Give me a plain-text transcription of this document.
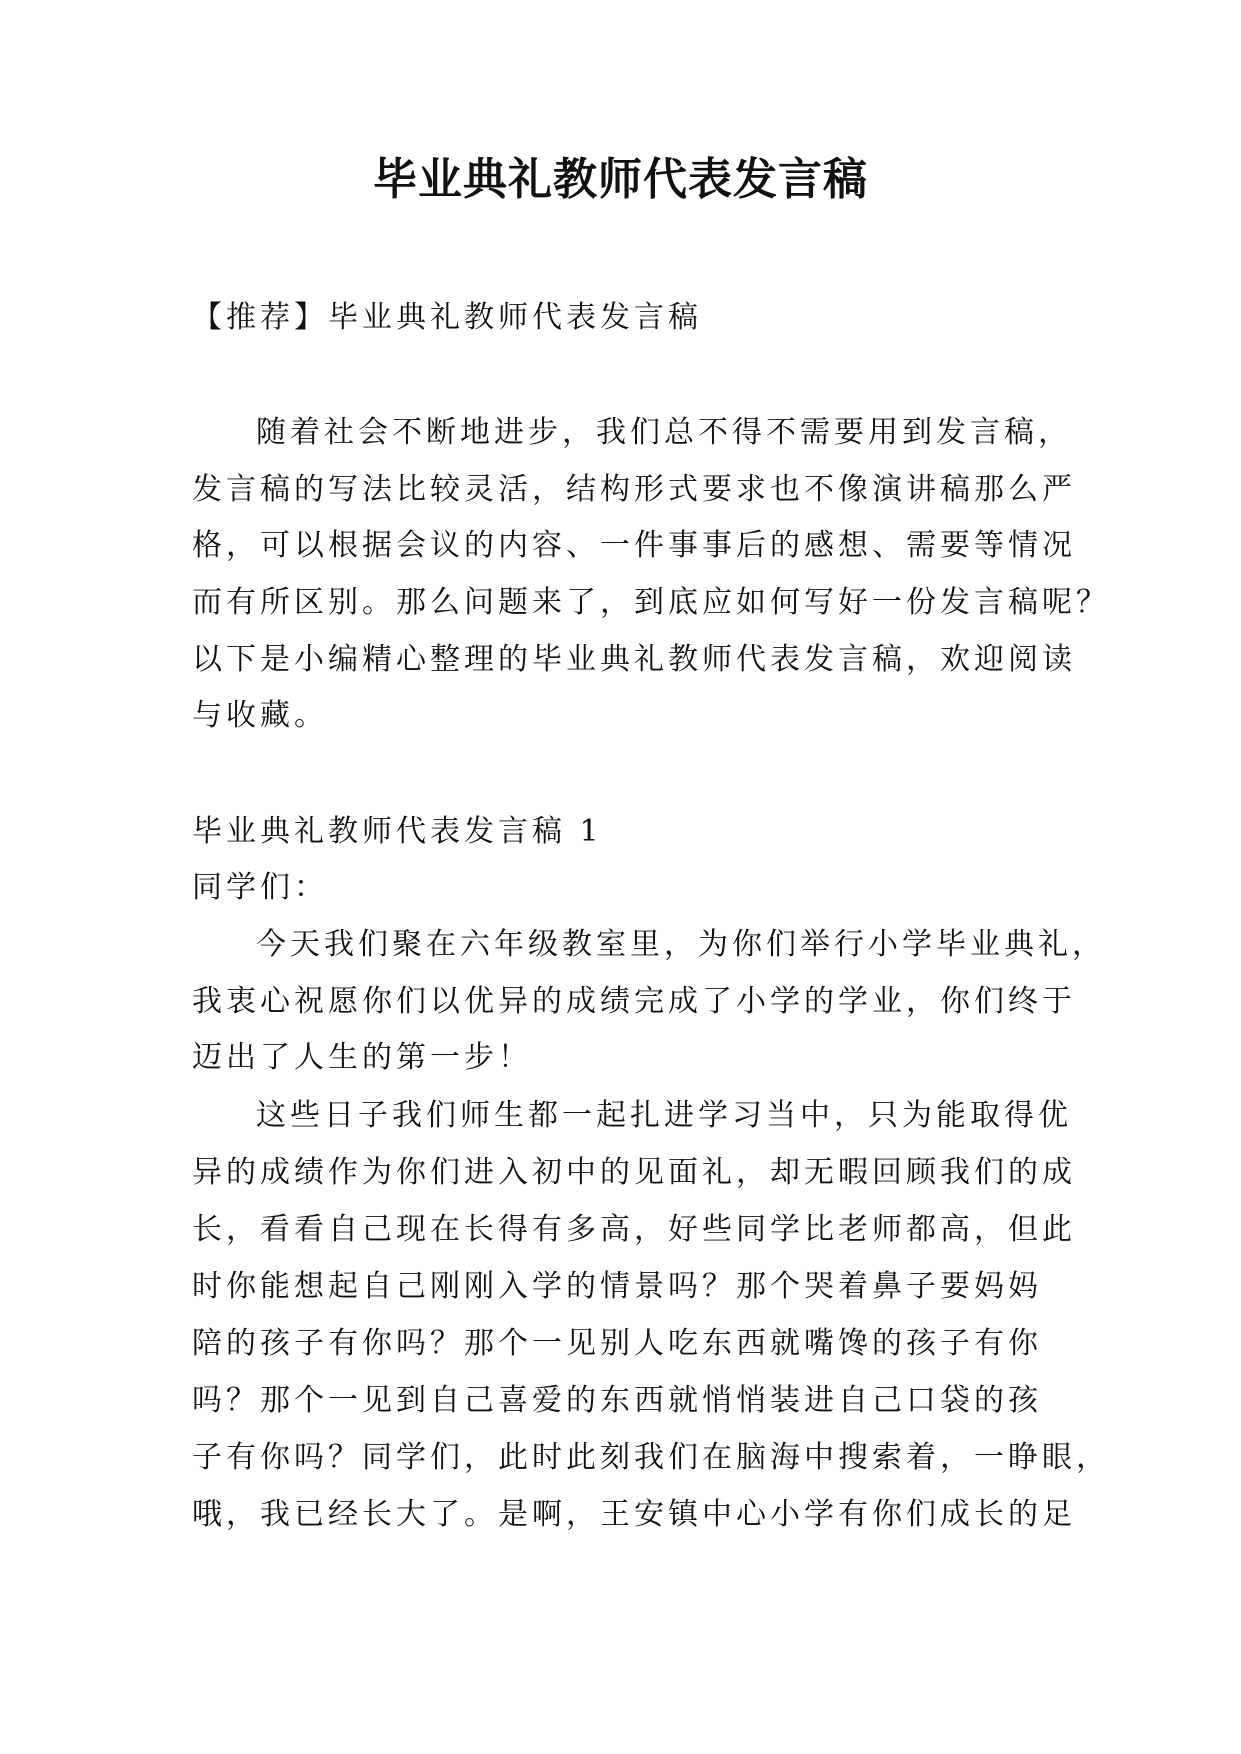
毕业典礼教师代表发言稿

【推荐】毕业典礼教师代表发言稿

随着社会不断地进步，我们总不得不需要用到发言稿，

发言稿的写法比较灵活，结构形式要求也不像演讲稿那么严

格，可以根据会议的内容、一件事事后的感想、需要等情况

而有所区别。那么问题来了，到底应如何写好一份发言稿呢？

以下是小编精心整理的毕业典礼教师代表发言稿，欢迎阅读

与收藏。

毕业典礼教师代表发言稿 1

同学们：

今天我们聚在六年级教室里，为你们举行小学毕业典礼，

我衷心祝愿你们以优异的成绩完成了小学的学业，你们终于

迈出了人生的第一步！

这些日子我们师生都一起扎进学习当中，只为能取得优

异的成绩作为你们进入初中的见面礼，却无暇回顾我们的成

长，看看自己现在长得有多高，好些同学比老师都高，但此

时你能想起自己刚刚入学的情景吗？那个哭着鼻子要妈妈

陪的孩子有你吗？那个一见别人吃东西就嘴馋的孩子有你

吗？那个一见到自己喜爱的东西就悄悄装进自己口袋的孩

子有你吗？同学们，此时此刻我们在脑海中搜索着，一睁眼，

哦，我已经长大了。是啊，王安镇中心小学有你们成长的足
